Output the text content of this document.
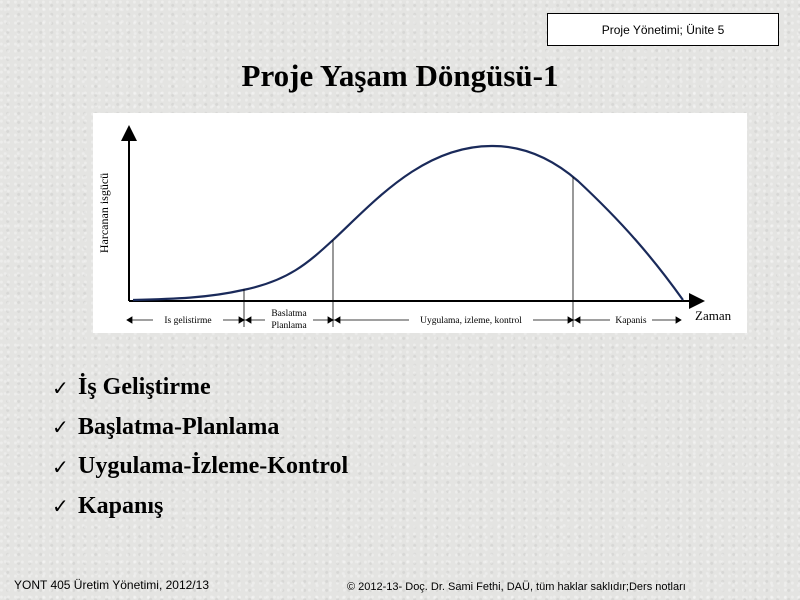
Proje Yönetimi; Ünite 5
Proje Yaşam Döngüsü-1
Harcanan isgücü
Zaman
Is gelistirme
Baslatma
Planlama	Uygulama, izleme, kontrol	Kapanis
✓ İş Geliştirme
✓ Başlatma-Planlama
✓ Uygulama-İzleme-Kontrol
✓ Kapanış
YONT 405 Üretim Yönetimi, 2012/13	© 2012-13- Doç. Dr. Sami Fethi, DAÜ, tüm haklar saklıdır;Ders notları
